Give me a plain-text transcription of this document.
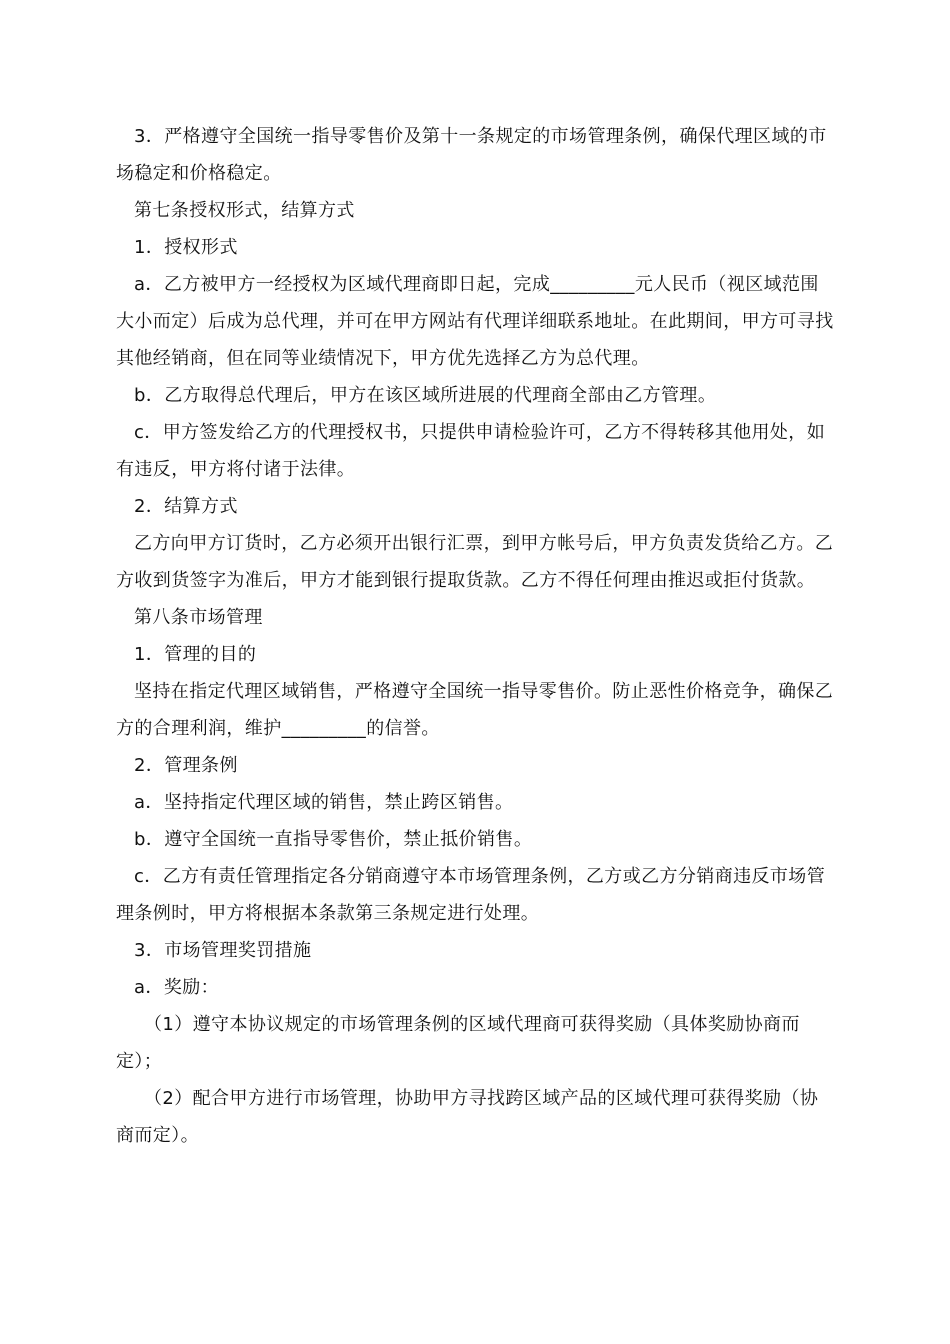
3．严格遵守全国统一指导零售价及第十一条规定的市场管理条例，确保代理区域的市场稳定和价格稳定。

第七条授权形式，结算方式

1．授权形式

a．乙方被甲方一经授权为区域代理商即日起，完成_________元人民币（视区域范围大小而定）后成为总代理，并可在甲方网站有代理详细联系地址。在此期间，甲方可寻找其他经销商，但在同等业绩情况下，甲方优先选择乙方为总代理。

b．乙方取得总代理后，甲方在该区域所进展的代理商全部由乙方管理。

c．甲方签发给乙方的代理授权书，只提供申请检验许可，乙方不得转移其他用处，如有违反，甲方将付诸于法律。

2．结算方式

乙方向甲方订货时，乙方必须开出银行汇票，到甲方帐号后，甲方负责发货给乙方。乙方收到货签字为准后，甲方才能到银行提取货款。乙方不得任何理由推迟或拒付货款。

第八条市场管理

1．管理的目的

坚持在指定代理区域销售，严格遵守全国统一指导零售价。防止恶性价格竞争，确保乙方的合理利润，维护_________的信誉。

2．管理条例

a．坚持指定代理区域的销售，禁止跨区销售。

b．遵守全国统一直指导零售价，禁止抵价销售。

c．乙方有责任管理指定各分销商遵守本市场管理条例，乙方或乙方分销商违反市场管理条例时，甲方将根据本条款第三条规定进行处理。

3．市场管理奖罚措施

a．奖励：

（1）遵守本协议规定的市场管理条例的区域代理商可获得奖励（具体奖励协商而定）；

（2）配合甲方进行市场管理，协助甲方寻找跨区域产品的区域代理可获得奖励（协商而定）。
